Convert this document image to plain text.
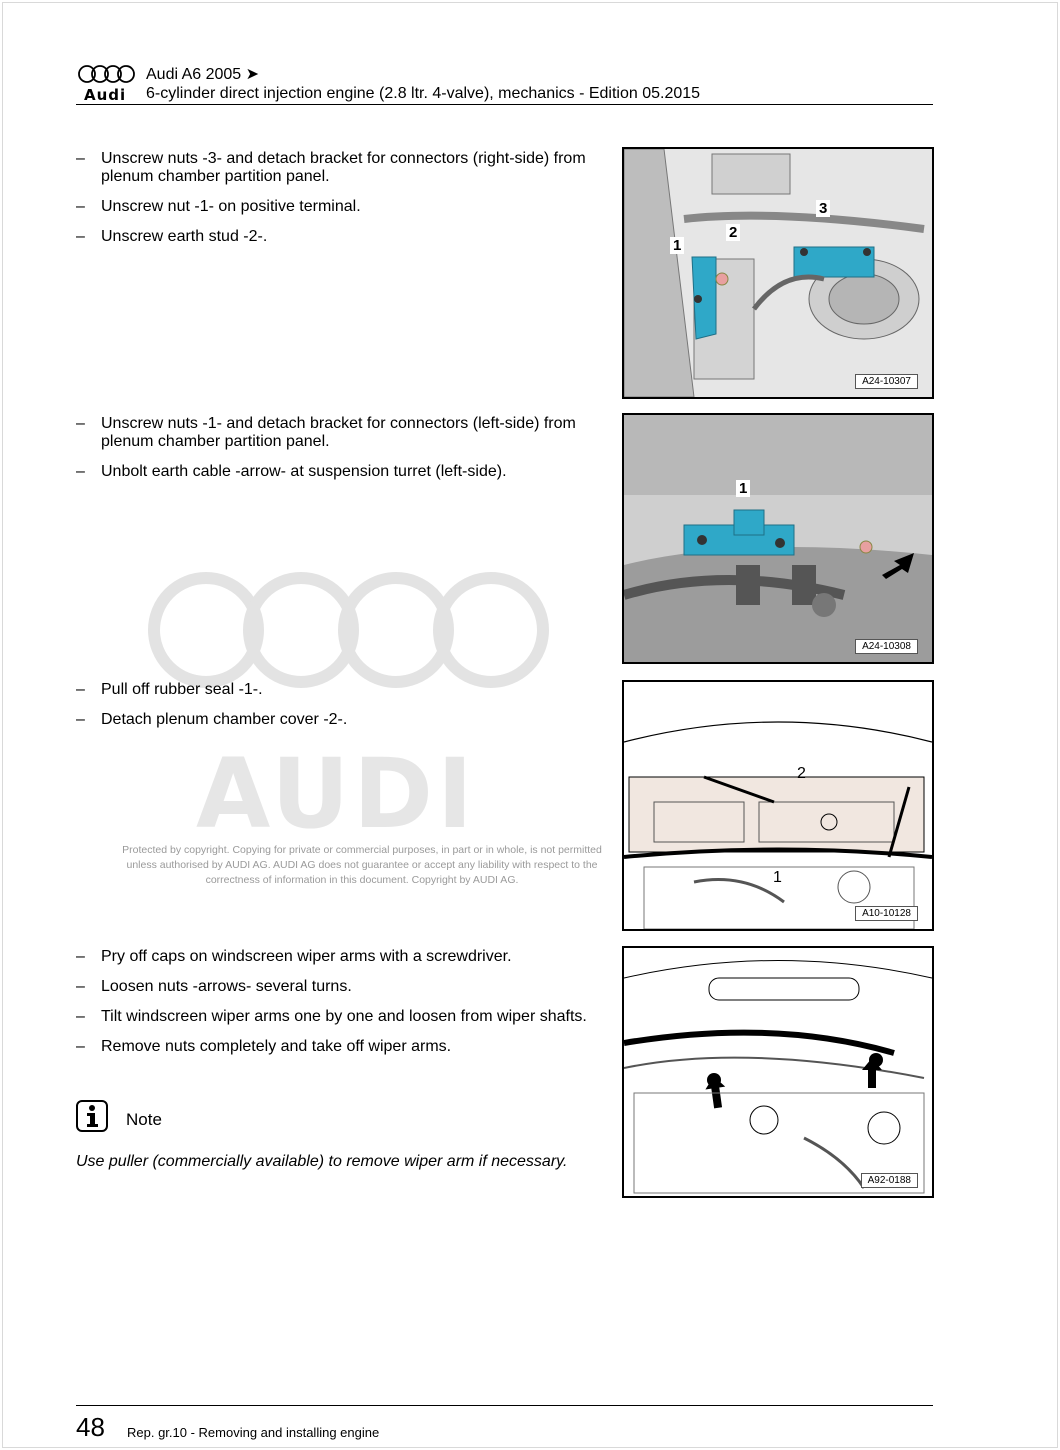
Audi
Audi A6 2005 ➤
6-cylinder direct injection engine (2.8 ltr. 4-valve), mechanics - Edition 05.2015
AUDI
Protected by copyright. Copying for private or commercial purposes, in part or in whole, is not permitted unless authorised by AUDI AG. AUDI AG does not guarantee or accept any liability with respect to the correctness of information in this document. Copyright by AUDI AG.
– Unscrew nuts -3- and detach bracket for connectors (right-side) from plenum chamber partition panel.
– Unscrew nut -1- on positive terminal.
– Unscrew earth stud -2-.
1
2
3
A24-10307
– Unscrew nuts -1- and detach bracket for connectors (left-side) from plenum chamber partition panel.
– Unbolt earth cable -arrow- at suspension turret (left-side).
1
A24-10308
– Pull off rubber seal -1-.
– Detach plenum chamber cover -2-.
2
1
A10-10128
– Pry off caps on windscreen wiper arms with a screwdriver.
– Loosen nuts -arrows- several turns.
– Tilt windscreen wiper arms one by one and loosen from wiper shafts.
– Remove nuts completely and take off wiper arms.
A92-0188
Note
Use puller (commercially available) to remove wiper arm if necessary.
48 Rep. gr.10 - Removing and installing engine
